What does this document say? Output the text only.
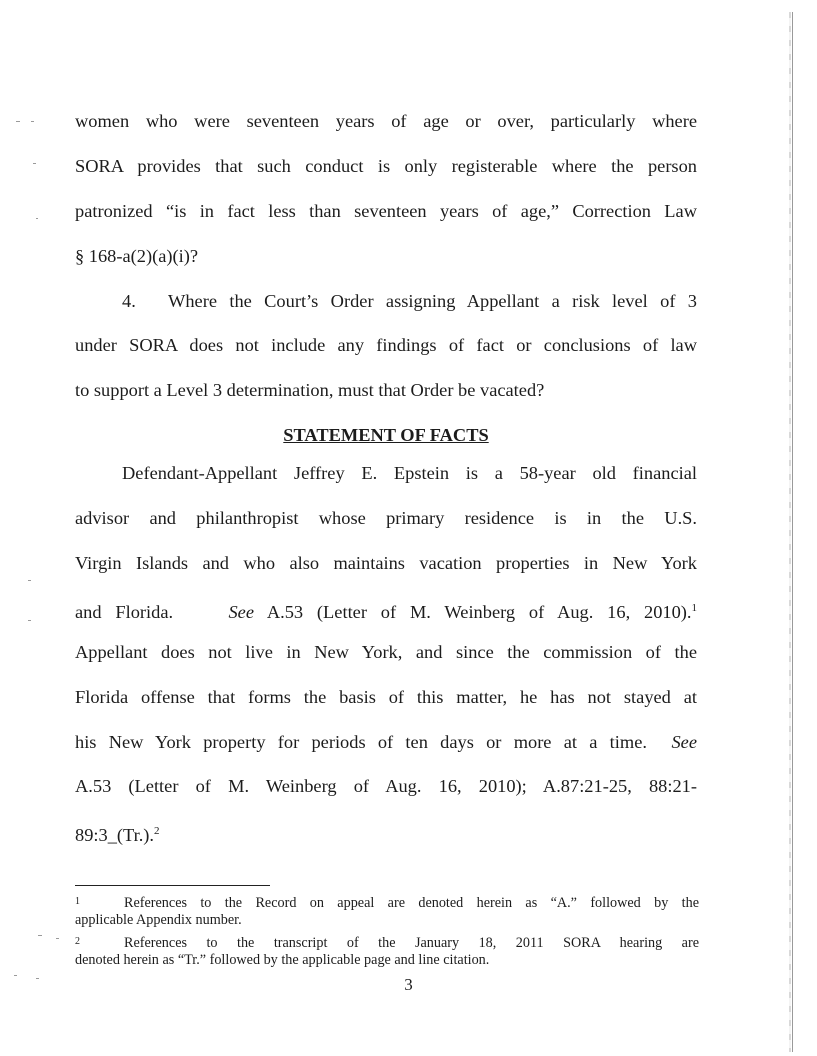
women who were seventeen years of age or over, particularly where
SORA provides that such conduct is only registerable where the person
patronized “is in fact less than seventeen years of age,” Correction Law
§ 168-a(2)(a)(i)?
4. Where the Court’s Order assigning Appellant a risk level of 3
under SORA does not include any findings of fact or conclusions of law
to support a Level 3 determination, must that Order be vacated?
STATEMENT OF FACTS
Defendant-Appellant Jeffrey E. Epstein is a 58-year old financial
advisor and philanthropist whose primary residence is in the U.S.
Virgin Islands and who also maintains vacation properties in New York
and Florida.	See A.53 (Letter of M. Weinberg of Aug. 16, 2010).$^1$
Appellant does not live in New York, and since the commission of the
Florida offense that forms the basis of this matter, he has not stayed at
his New York property for periods of ten days or more at a time. See
A.53 (Letter of M. Weinberg of Aug. 16, 2010); A.87:21-25, 88:21-
89:3_(Tr.).$^2$
1	References to the Record on appeal are denoted herein as “A.” followed by the
applicable Appendix number.
2	References to the transcript of the January 18, 2011 SORA hearing are
denoted herein as “Tr.” followed by the applicable page and line citation.
3
